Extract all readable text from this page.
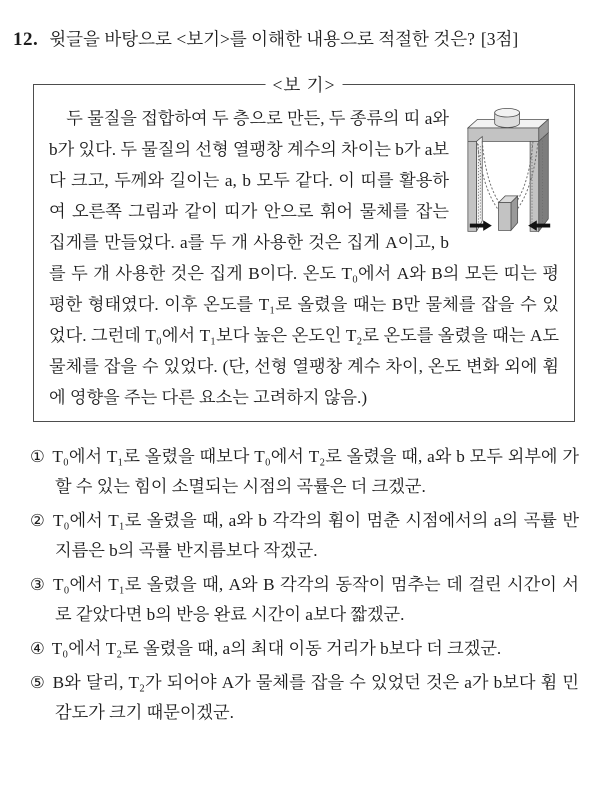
12. 윗글을 바탕으로 <보기>를 이해한 내용으로 적절한 것은? [3점]
<보 기>

두 물질을 접합하여 두 층으로 만든, 두 종류의 띠 a와 b가 있다. 두 물질의 선형 열팽창 계수의 차이는 b가 a보다 크고, 두께와 길이는 a, b 모두 같다. 이 띠를 활용하여 오른쪽 그림과 같이 띠가 안으로 휘어 물체를 잡는 집게를 만들었다. a를 두 개 사용한 것은 집게 A이고, b를 두 개 사용한 것은 집게 B이다. 온도 T₀에서 A와 B의 모든 띠는 평평한 형태였다. 이후 온도를 T₁로 올렸을 때는 B만 물체를 잡을 수 있었다. 그런데 T₀에서 T₁보다 높은 온도인 T₂로 온도를 올렸을 때는 A도 물체를 잡을 수 있었다. (단, 선형 열팽창 계수 차이, 온도 변화 외에 휨에 영향을 주는 다른 요소는 고려하지 않음.)

① T₀에서 T₁로 올렸을 때보다 T₀에서 T₂로 올렸을 때, a와 b 모두 외부에 가할 수 있는 힘이 소멸되는 시점의 곡률은 더 크겠군.
② T₀에서 T₁로 올렸을 때, a와 b 각각의 휨이 멈춘 시점에서의 a의 곡률 반지름은 b의 곡률 반지름보다 작겠군.
③ T₀에서 T₁로 올렸을 때, A와 B 각각의 동작이 멈추는 데 걸린 시간이 서로 같았다면 b의 반응 완료 시간이 a보다 짧겠군.
④ T₀에서 T₂로 올렸을 때, a의 최대 이동 거리가 b보다 더 크겠군.
⑤ B와 달리, T₂가 되어야 A가 물체를 잡을 수 있었던 것은 a가 b보다 휨 민감도가 크기 때문이겠군.
